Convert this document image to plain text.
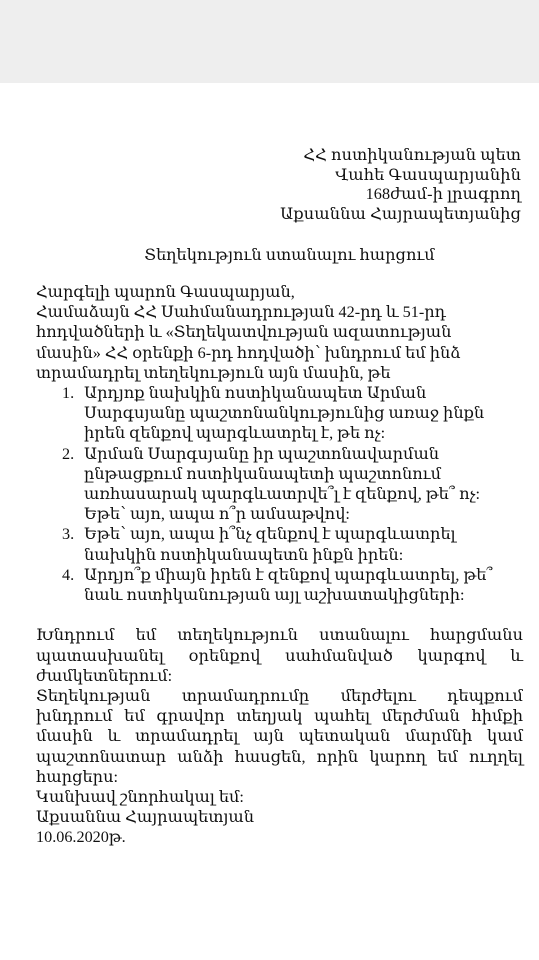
ՀՀ ոստիկանության պետ
Վահե Գասպարյանին
168ժամ-ի լրագրող
Աքսաննա Հայրապետյանից
Տեղեկություն ստանալու հարցում

Հարգելի պարոն Գասպարյան,

Համաձայն ՀՀ Սահմանադրության 42-րդ և 51-րդ
հոդվածների և «Տեղեկատվության ազատության
մասին» ՀՀ օրենքի 6-րդ հոդվածի՝ խնդրում եմ ինձ
տրամադրել տեղեկություն այն մասին, թե

1. Արդյոք նախկին ոստիկանապետ Արման
Սարգսյանը պաշտոնանկությունից առաջ ինքն
իրեն զենքով պարգևատրել է, թե ոչ:
2. Արման Սարգսյանը իր պաշտոնավարման
ընթացքում ոստիկանապետի պաշտոնում
առհասարակ պարգևատրվե՞լ է զենքով, թե՞ ոչ:
Եթե՝ այո, ապա ո՞ր ամսաթվով:
3. Եթե՝ այո, ապա ի՞նչ զենքով է պարգևատրել
նախկին ոստիկանապետն ինքն իրեն:
4. Արդյո՞ք միայն իրեն է զենքով պարգևատրել, թե՞
նաև ոստիկանության այլ աշխատակիցների:

Խնդրում եմ տեղեկություն ստանալու հարցմանս
պատասխանել օրենքով սահմանված կարգով և
ժամկետներում:

Տեղեկության տրամադրումը մերժելու դեպքում
խնդրում եմ գրավոր տեղյակ պահել մերժման հիմքի
մասին և տրամադրել այն պետական մարմնի կամ
պաշտոնատար անձի հասցեն, որին կարող եմ ուղղել
հարցերս:

Կանխավ շնորհակալ եմ:

Աքսաննա Հայրապետյան

10.06.2020թ.
